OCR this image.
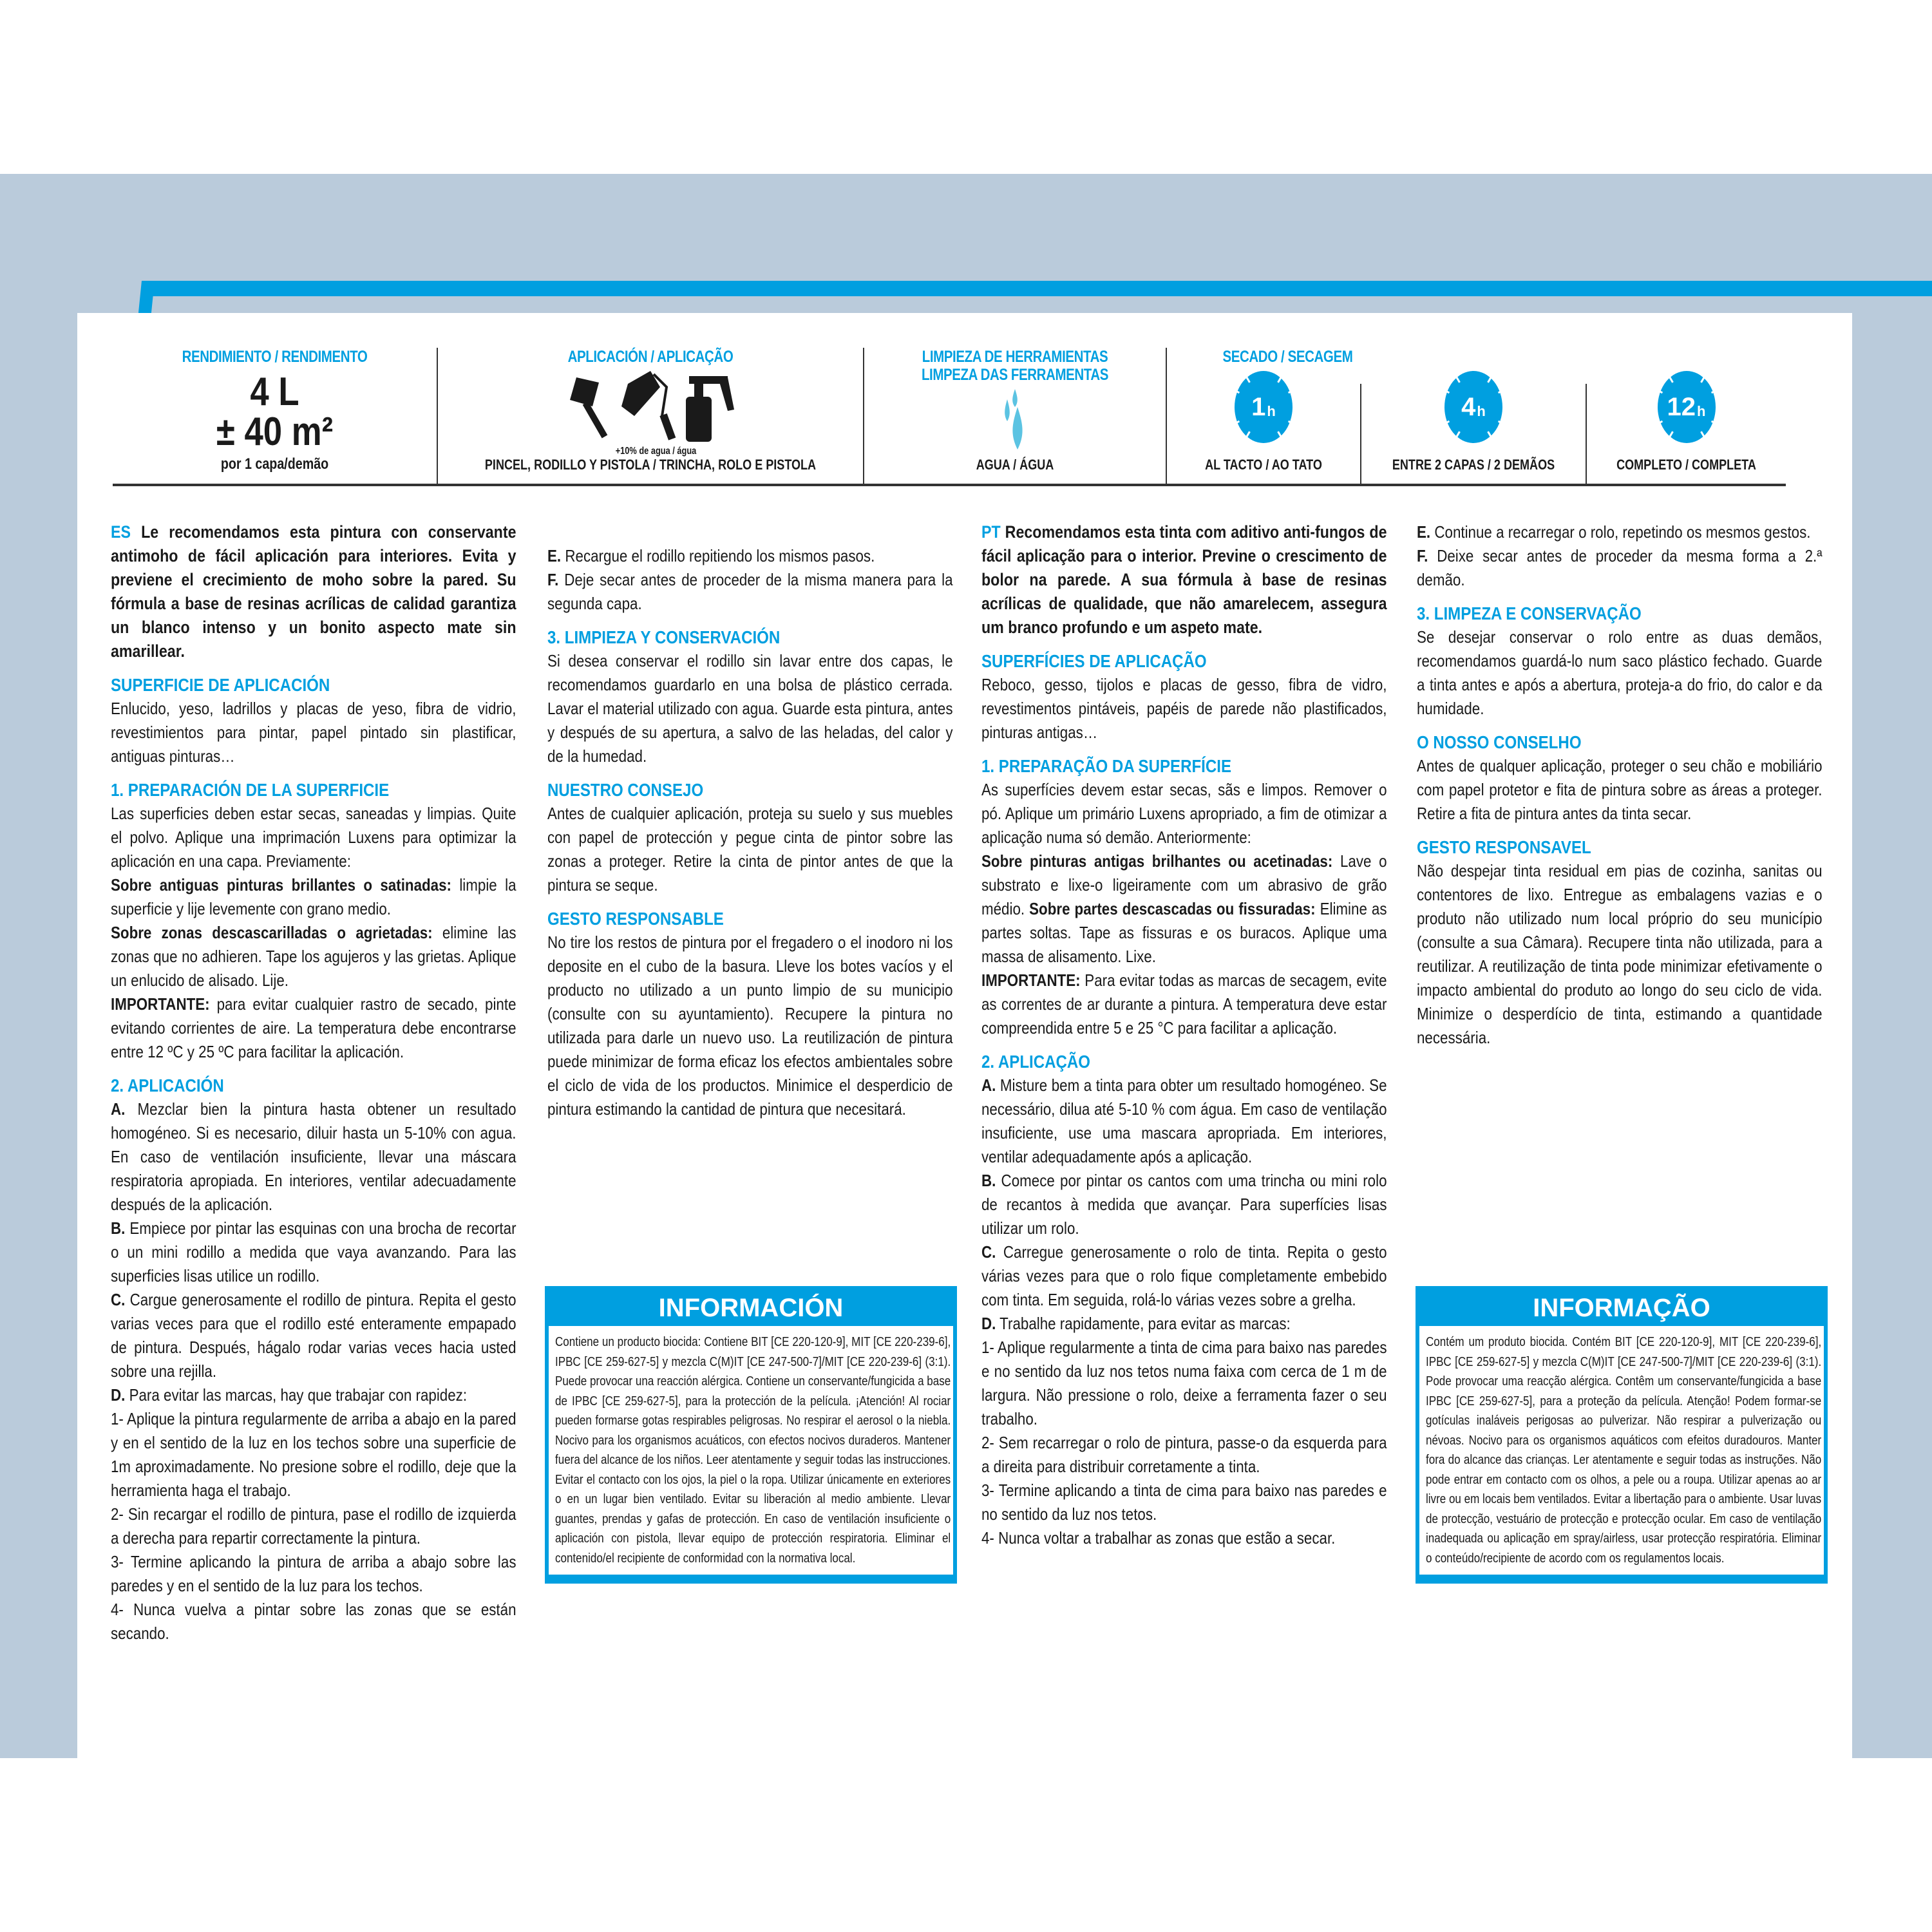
RENDIMIENTO / RENDIMENTO
4 L
± 40 m²
por 1 capa/demão
APLICACIÓN / APLICAÇÃO
+10% de agua / água
PINCEL, RODILLO Y PISTOLA / TRINCHA, ROLO E PISTOLA
LIMPIEZA DE HERRAMIENTAS
LIMPEZA DAS FERRAMENTAS
AGUA / ÁGUA
SECADO / SECAGEM
1 h
AL TACTO / AO TATO
4 h
ENTRE 2 CAPAS / 2 DEMÃOS
12 h
COMPLETO / COMPLETA

ES Le recomendamos esta pintura con conservante antimoho de fácil aplicación para interiores. Evita y previene el crecimiento de moho sobre la pared. Su fórmula a base de resinas acrílicas de calidad garantiza un blanco intenso y un bonito aspecto mate sin amarillear.

SUPERFICIE DE APLICACIÓN

Enlucido, yeso, ladrillos y placas de yeso, fibra de vidrio, revestimientos para pintar, papel pintado sin plastificar, antiguas pinturas…

1. PREPARACIÓN DE LA SUPERFICIE

Las superficies deben estar secas, saneadas y limpias. Quite el polvo. Aplique una imprimación Luxens para optimizar la aplicación en una capa. Previamente:

Sobre antiguas pinturas brillantes o satinadas: limpie la superficie y lije levemente con grano medio.

Sobre zonas descascarilladas o agrietadas: elimine las zonas que no adhieren. Tape los agujeros y las grietas. Aplique un enlucido de alisado. Lije.

IMPORTANTE: para evitar cualquier rastro de secado, pinte evitando corrientes de aire. La temperatura debe encontrarse entre 12 ºC y 25 ºC para facilitar la aplicación.

2. APLICACIÓN

A. Mezclar bien la pintura hasta obtener un resultado homogéneo. Si es necesario, diluir hasta un 5-10% con agua. En caso de ventilación insuficiente, llevar una máscara respiratoria apropiada. En interiores, ventilar adecuadamente después de la aplicación.

B. Empiece por pintar las esquinas con una brocha de recortar o un mini rodillo a medida que vaya avanzando. Para las superficies lisas utilice un rodillo.

C. Cargue generosamente el rodillo de pintura. Repita el gesto varias veces para que el rodillo esté enteramente empapado de pintura. Después, hágalo rodar varias veces hacia usted sobre una rejilla.

D. Para evitar las marcas, hay que trabajar con rapidez:

1- Aplique la pintura regularmente de arriba a abajo en la pared y en el sentido de la luz en los techos sobre una superficie de 1m aproximadamente. No presione sobre el rodillo, deje que la herramienta haga el trabajo.

2- Sin recargar el rodillo de pintura, pase el rodillo de izquierda a derecha para repartir correctamente la pintura.

3- Termine aplicando la pintura de arriba a abajo sobre las paredes y en el sentido de la luz para los techos.

4- Nunca vuelva a pintar sobre las zonas que se están secando.

E. Recargue el rodillo repitiendo los mismos pasos.

F. Deje secar antes de proceder de la misma manera para la segunda capa.

3. LIMPIEZA Y CONSERVACIÓN

Si desea conservar el rodillo sin lavar entre dos capas, le recomendamos guardarlo en una bolsa de plástico cerrada. Lavar el material utilizado con agua. Guarde esta pintura, antes y después de su apertura, a salvo de las heladas, del calor y de la humedad.

NUESTRO CONSEJO

Antes de cualquier aplicación, proteja su suelo y sus muebles con papel de protección y pegue cinta de pintor sobre las zonas a proteger. Retire la cinta de pintor antes de que la pintura se seque.

GESTO RESPONSABLE

No tire los restos de pintura por el fregadero o el inodoro ni los deposite en el cubo de la basura. Lleve los botes vacíos y el producto no utilizado a un punto limpio de su municipio (consulte con su ayuntamiento). Recupere la pintura no utilizada para darle un nuevo uso. La reutilización de pintura puede minimizar de forma eficaz los efectos ambientales sobre el ciclo de vida de los productos. Minimice el desperdicio de pintura estimando la cantidad de pintura que necesitará.

INFORMACIÓN
Contiene un producto biocida: Contiene BIT [CE 220-120-9], MIT [CE 220-239-6], IPBC [CE 259-627-5] y mezcla C(M)IT [CE 247-500-7]/MIT [CE 220-239-6] (3:1). Puede provocar una reacción alérgica. Contiene un conservante/fungicida a base de IPBC [CE 259-627-5], para la protección de la película. ¡Atención! Al rociar pueden formarse gotas respirables peligrosas. No respirar el aerosol o la niebla. Nocivo para los organismos acuáticos, con efectos nocivos duraderos. Mantener fuera del alcance de los niños. Leer atentamente y seguir todas las instrucciones. Evitar el contacto con los ojos, la piel o la ropa. Utilizar únicamente en exteriores o en un lugar bien ventilado. Evitar su liberación al medio ambiente. Llevar guantes, prendas y gafas de protección. En caso de ventilación insuficiente o aplicación con pistola, llevar equipo de protección respiratoria. Eliminar el contenido/el recipiente de conformidad con la normativa local.

PT Recomendamos esta tinta com aditivo anti-fungos de fácil aplicação para o interior. Previne o crescimento de bolor na parede. A sua fórmula à base de resinas acrílicas de qualidade, que não amarelecem, assegura um branco profundo e um aspeto mate.

SUPERFÍCIES DE APLICAÇÃO

Reboco, gesso, tijolos e placas de gesso, fibra de vidro, revestimentos pintáveis, papéis de parede não plastificados, pinturas antigas…

1. PREPARAÇÃO DA SUPERFÍCIE

As superfícies devem estar secas, sãs e limpos. Remover o pó. Aplique um primário Luxens apropriado, a fim de otimizar a aplicação numa só demão. Anteriormente:

Sobre pinturas antigas brilhantes ou acetinadas: Lave o substrato e lixe-o ligeiramente com um abrasivo de grão médio. Sobre partes descascadas ou fissuradas: Elimine as partes soltas. Tape as fissuras e os buracos. Aplique uma massa de alisamento. Lixe.

IMPORTANTE: Para evitar todas as marcas de secagem, evite as correntes de ar durante a pintura. A temperatura deve estar compreendida entre 5 e 25 °C para facilitar a aplicação.

2. APLICAÇÃO

A. Misture bem a tinta para obter um resultado homogéneo. Se necessário, dilua até 5-10 % com água. Em caso de ventilação insuficiente, use uma mascara apropriada. Em interiores, ventilar adequadamente após a aplicação.

B. Comece por pintar os cantos com uma trincha ou mini rolo de recantos à medida que avançar. Para superfícies lisas utilizar um rolo.

C. Carregue generosamente o rolo de tinta. Repita o gesto várias vezes para que o rolo fique completamente embebido com tinta. Em seguida, rolá-lo várias vezes sobre a grelha.

D. Trabalhe rapidamente, para evitar as marcas:

1- Aplique regularmente a tinta de cima para baixo nas paredes e no sentido da luz nos tetos numa faixa com cerca de 1 m de largura. Não pressione o rolo, deixe a ferramenta fazer o seu trabalho.

2- Sem recarregar o rolo de pintura, passe-o da esquerda para a direita para distribuir corretamente a tinta.

3- Termine aplicando a tinta de cima para baixo nas paredes e no sentido da luz nos tetos.

4- Nunca voltar a trabalhar as zonas que estão a secar.

E. Continue a recarregar o rolo, repetindo os mesmos gestos.

F. Deixe secar antes de proceder da mesma forma a 2.ª demão.

3. LIMPEZA E CONSERVAÇÃO

Se desejar conservar o rolo entre as duas demãos, recomendamos guardá-lo num saco plástico fechado. Guarde a tinta antes e após a abertura, proteja-a do frio, do calor e da humidade.

O NOSSO CONSELHO

Antes de qualquer aplicação, proteger o seu chão e mobiliário com papel protetor e fita de pintura sobre as áreas a proteger. Retire a fita de pintura antes da tinta secar.

GESTO RESPONSAVEL

Não despejar tinta residual em pias de cozinha, sanitas ou contentores de lixo. Entregue as embalagens vazias e o produto não utilizado num local próprio do seu município (consulte a sua Câmara). Recupere tinta não utilizada, para a reutilizar. A reutilização de tinta pode minimizar efetivamente o impacto ambiental do produto ao longo do seu ciclo de vida. Minimize o desperdício de tinta, estimando a quantidade necessária.

INFORMAÇÃO
Contém um produto biocida. Contém BIT [CE 220-120-9], MIT [CE 220-239-6], IPBC [CE 259-627-5] y mezcla C(M)IT [CE 247-500-7]/MIT [CE 220-239-6] (3:1). Pode provocar uma reacção alérgica. Contêm um conservante/fungicida a base IPBC [CE 259-627-5], para a proteção da película. Atenção! Podem formar-se gotículas inaláveis perigosas ao pulverizar. Não respirar a pulverização ou névoas. Nocivo para os organismos aquáticos com efeitos duradouros. Manter fora do alcance das crianças. Ler atentamente e seguir todas as instruções. Não pode entrar em contacto com os olhos, a pele ou a roupa. Utilizar apenas ao ar livre ou em locais bem ventilados. Evitar a libertação para o ambiente. Usar luvas de protecção, vestuário de protecção e protecção ocular. Em caso de ventilação inadequada ou aplicação em spray/airless, usar protecção respiratória. Eliminar o conteúdo/recipiente de acordo com os regulamentos locais.
